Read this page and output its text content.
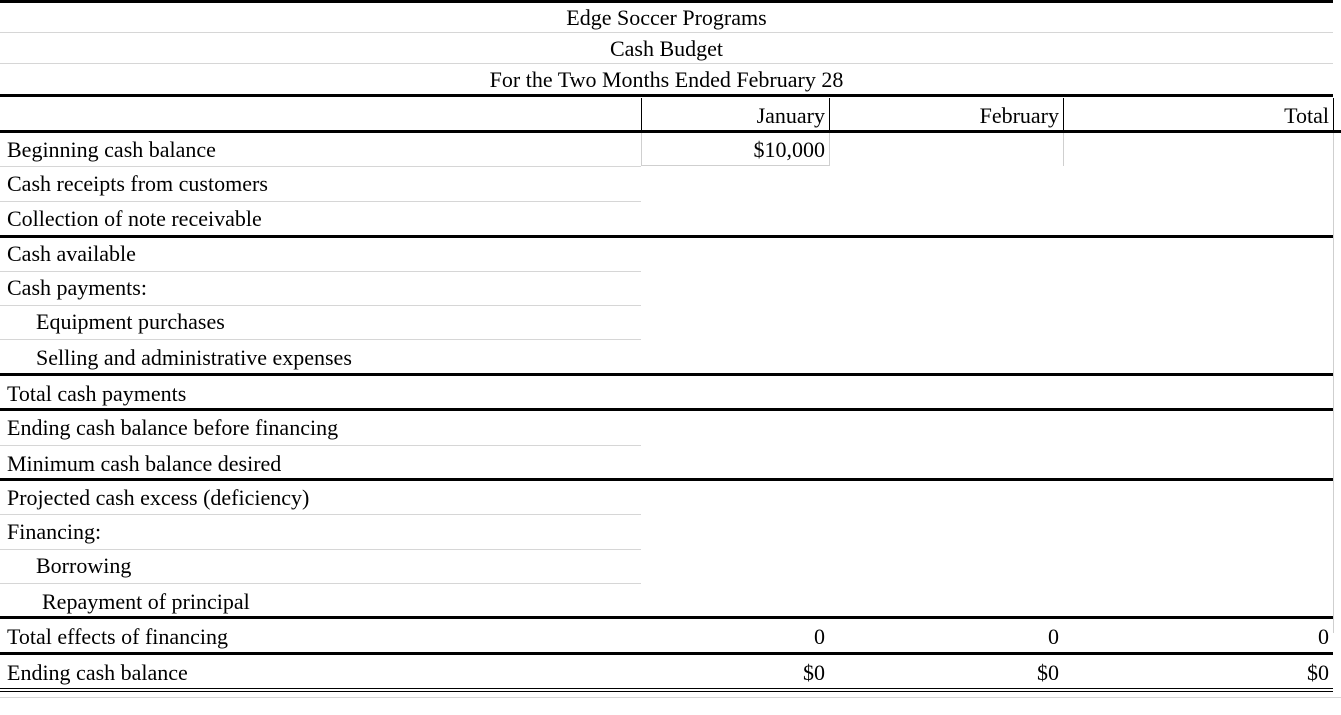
Edge Soccer Programs
Cash Budget
For the Two Months Ended February 28
January	February	Total
Beginning cash balance	$10,000
Cash receipts from customers
Collection of note receivable
Cash available
Cash payments:
Equipment purchases
Selling and administrative expenses
Total cash payments
Ending cash balance before financing
Minimum cash balance desired
Projected cash excess (deficiency)
Financing:
Borrowing
Repayment of principal
Total effects of financing	0	0	0
Ending cash balance	$0	$0	$0
